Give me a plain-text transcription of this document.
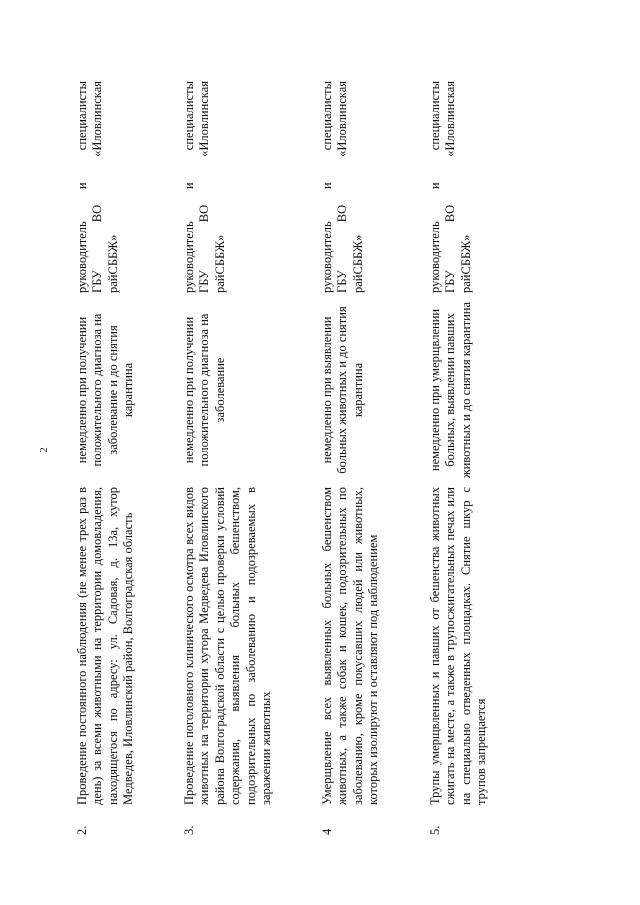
2
2.
Проведение постоянного наблюдения (не менее трех раз в день) за всеми животными на территории домовладения, находящегося по адресу: ул. Садовая, д. 13а, хутор Медведев, Иловлинский район, Волгоградская область
немедленно при получении положительного диагноза на заболевание и до снятия карантина
руководитель
и
специалисты
ГБУ
ВО
«Иловлинская
райСББЖ»
3.
Проведение поголовного клинического осмотра всех видов животных на территории хутора Медведева Иловлинского района Волгоградской области с целью проверки условий содержания, выявления больных бешенством, подозрительных по заболеванию и подозреваемых в заражении животных
немедленно при получении положительного диагноза на заболевание
руководитель
и
специалисты
ГБУ
ВО
«Иловлинская
райСББЖ»
4
Умерщвление всех выявленных больных бешенством животных, а также собак и кошек, подозрительных по заболеванию, кроме покусавших людей или животных, которых изолируют и оставляют под наблюдением
немедленно при выявлении больных животных и до снятия карантина
руководитель
и
специалисты
ГБУ
ВО
«Иловлинская
райСББЖ»
5.
Трупы умерщвленных и павших от бешенства животных сжигать на месте, а также в трупосжигательных печах или на специально отведенных площадках. Снятие шкур с трупов запрещается
немедленно при умерщвлении больных, выявлении павших животных и до снятия карантина
руководитель
и
специалисты
ГБУ
ВО
«Иловлинская
райСББЖ»
